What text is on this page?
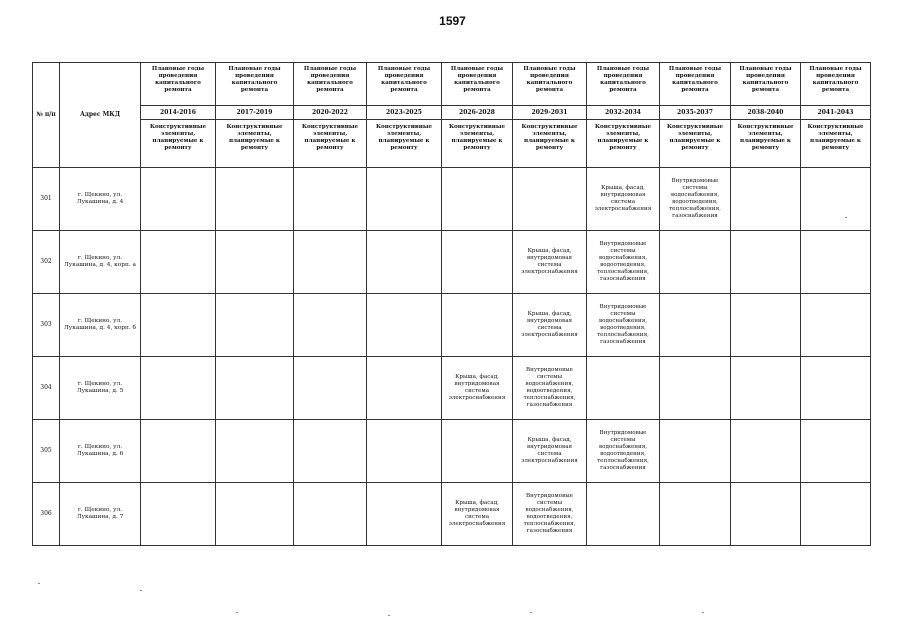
1597
№ п/п	Адрес МКД	Плановые годы проведения капитального ремонта	Плановые годы проведения капитального ремонта	Плановые годы проведения капитального ремонта	Плановые годы проведения капитального ремонта	Плановые годы проведения капитального ремонта	Плановые годы проведения капитального ремонта	Плановые годы проведения капитального ремонта	Плановые годы проведения капитального ремонта	Плановые годы проведения капитального ремонта	Плановые годы проведения капитального ремонта
		2014-2016	2017-2019	2020-2022	2023-2025	2026-2028	2029-2031	2032-2034	2035-2037	2038-2040	2041-2043
		Конструктивные элементы, планируемые к ремонту	Конструктивные элементы, планируемые к ремонту	Конструктивные элементы, планируемые к ремонту	Конструктивные элементы, планируемые к ремонту	Конструктивные элементы, планируемые к ремонту	Конструктивные элементы, планируемые к ремонту	Конструктивные элементы, планируемые к ремонту	Конструктивные элементы, планируемые к ремонту	Конструктивные элементы, планируемые к ремонту	Конструктивные элементы, планируемые к ремонту
301	г. Щекино, ул. Лукашина, д. 4							Крыша, фасад, внутридомовая система электроснабжения	Внутридомовые системы водоснабжения, водоотведения, теплоснабжения, газоснабжения		
302	г. Щекино, ул. Лукашина, д. 4, корп. а						Крыша, фасад, внутридомовая система электроснабжения	Внутридомовые системы водоснабжения, водоотведения, теплоснабжения, газоснабжения			
303	г. Щекино, ул. Лукашина, д. 4, корп. б						Крыша, фасад, внутридомовая система электроснабжения	Внутридомовые системы водоснабжения, водоотведения, теплоснабжения, газоснабжения			
304	г. Щекино, ул. Лукашина, д. 5					Крыша, фасад, внутридомовая система электроснабжения	Внутридомовые системы водоснабжения, водоотведения, теплоснабжения, газоснабжения				
305	г. Щекино, ул. Лукашина, д. 6						Крыша, фасад, внутридомовая система электроснабжения	Внутридомовые системы водоснабжения, водоотведения, теплоснабжения, газоснабжения			
306	г. Щекино, ул. Лукашина, д. 7					Крыша, фасад, внутридомовая система электроснабжения	Внутридомовые системы водоснабжения, водоотведения, теплоснабжения, газоснабжения				
